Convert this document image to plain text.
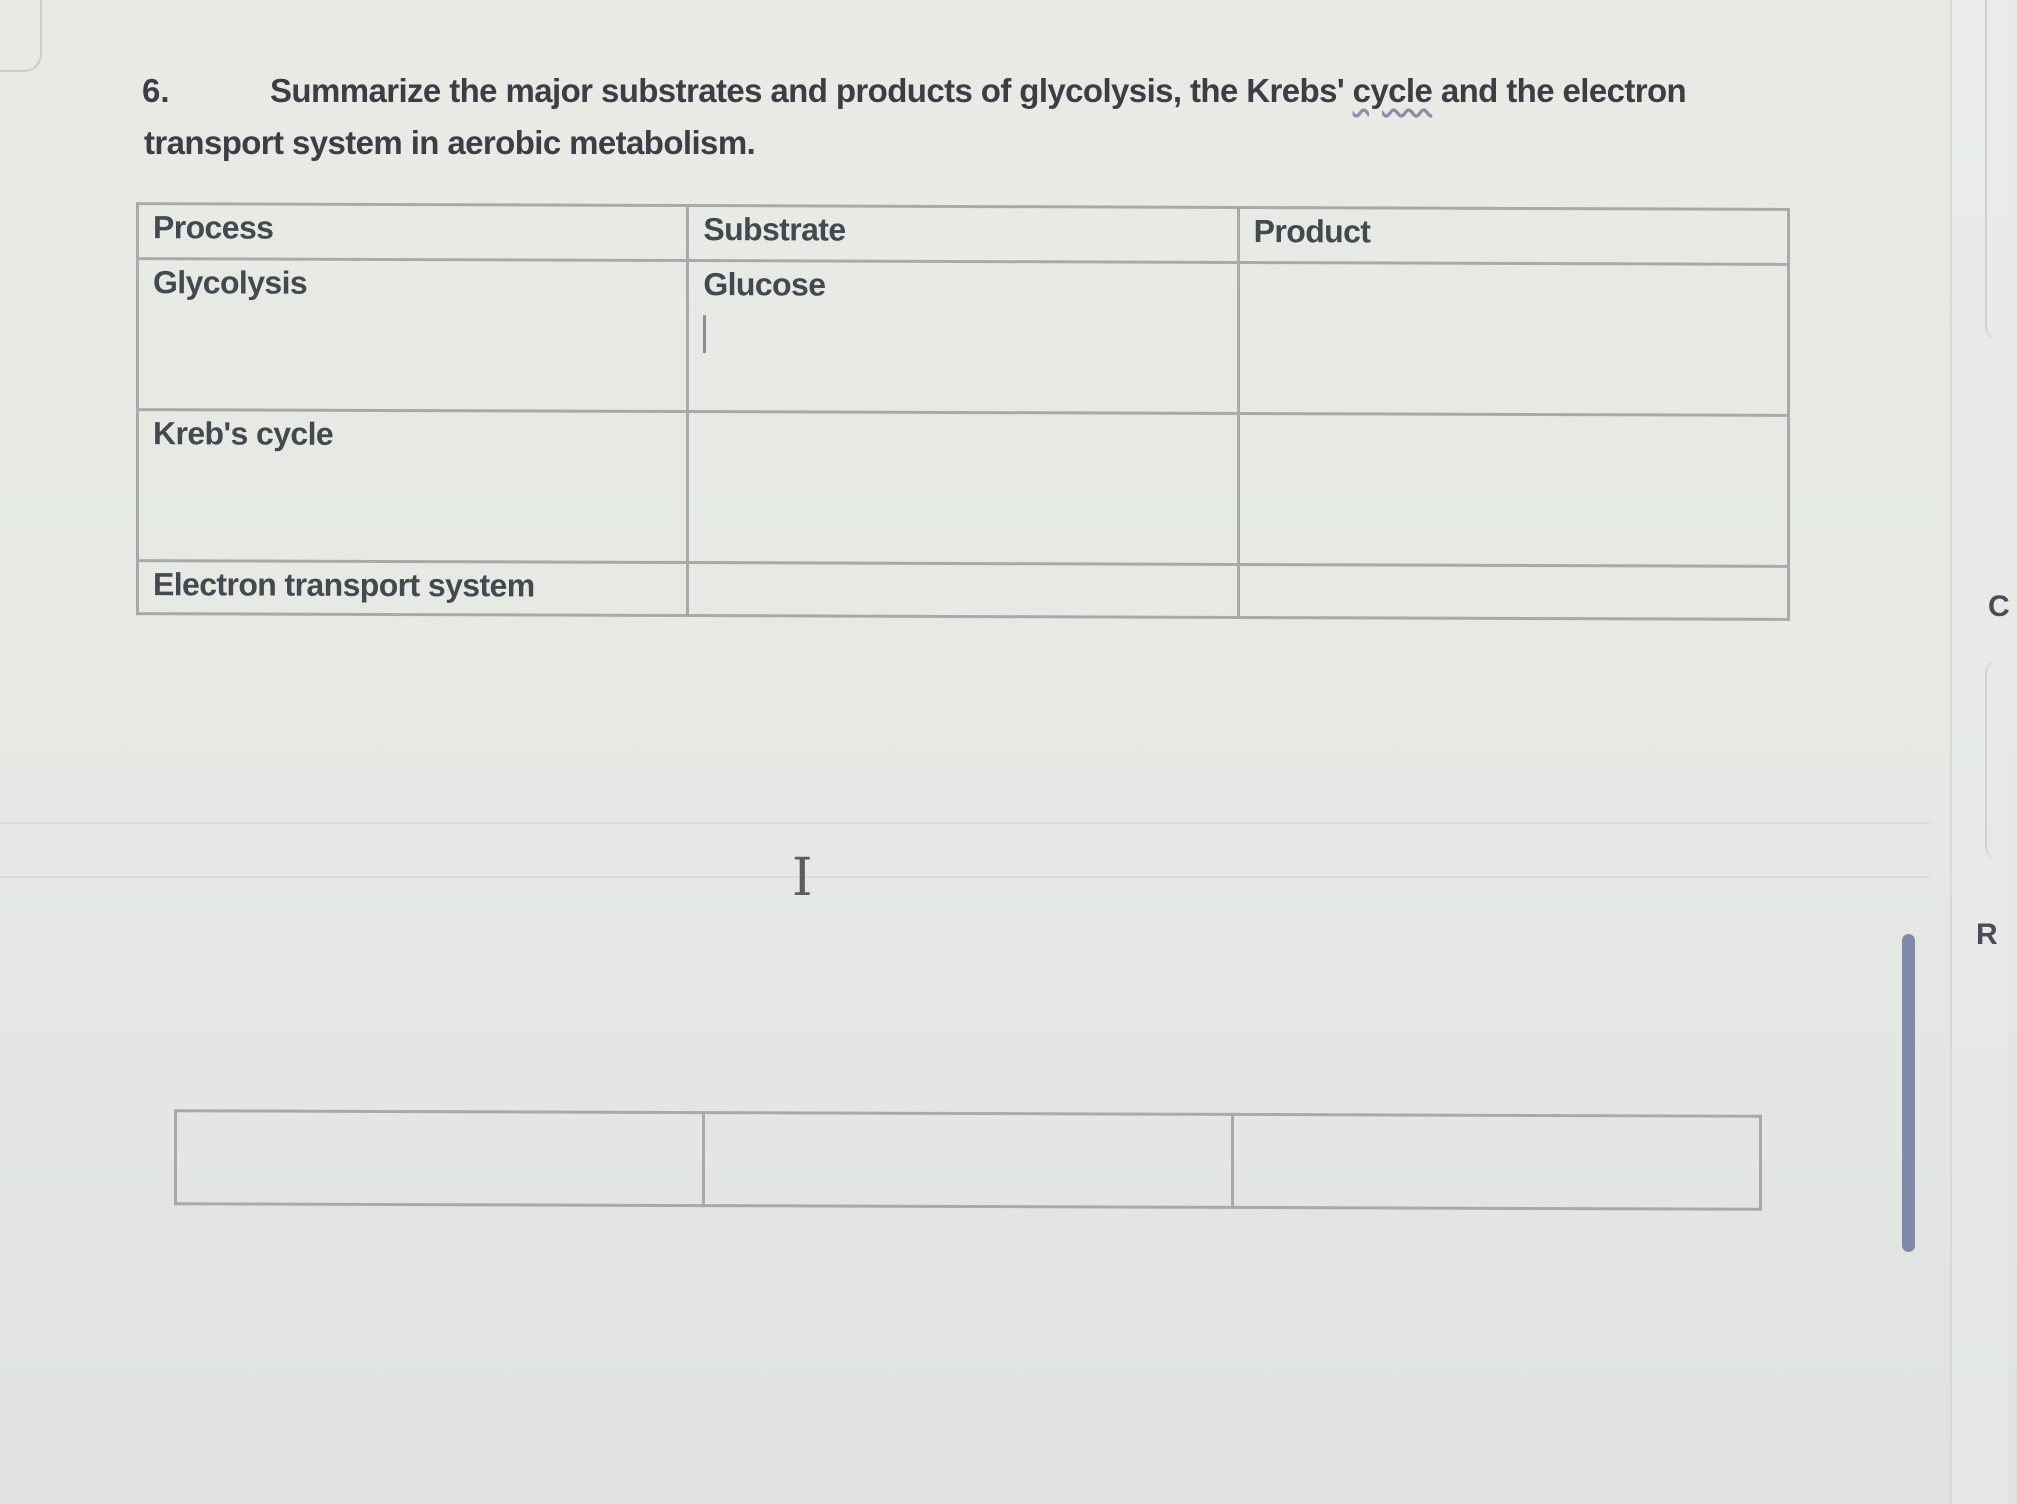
6.	Summarize the major substrates and products of glycolysis, the Krebs' cycle and the electron
transport system in aerobic metabolism.
Process	Substrate	Product
Glycolysis	Glucose

Kreb's cycle		
Electron transport system		
I

C
R
